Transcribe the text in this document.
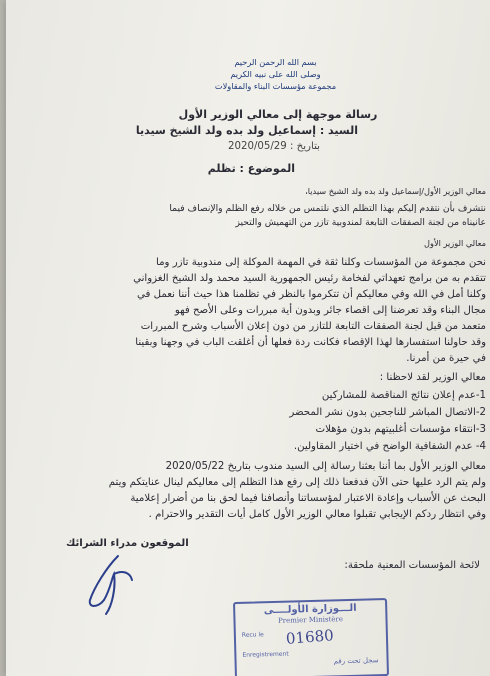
بسم الله الرحمن الرحيم
وصلى الله على نبيه الكريم
مجموعة مؤسسات البناء والمقاولات
رسالة موجهة إلى معالي الوزير الأول
السيد : إسماعيل ولد بده ولد الشيخ سيديا
بتاريخ : 2020/05/29
الموضوع : تظلم
معالي الوزير الأول/إسماعيل ولد بده ولد الشيخ سيديا،
نتشرف بأن نتقدم إليكم بهذا التظلم الذي نلتمس من خلاله رفع الظلم والإنصاف فيما
عانيناه من لجنة الصفقات التابعة لمندوبية تازر من التهميش والتحيز
معالي الوزير الأول
نحن مجموعة من المؤسسات وكلنا ثقة في المهمة الموكلة إلى مندوبية تازر وما
تتقدم به من برامج تعهداتي لفخامة رئيس الجمهورية السيد محمد ولد الشيخ الغزواني
وكلنا أمل في الله وفي معاليكم أن تتكرموا بالنظر في تظلمنا هذا حيث أننا نعمل في
مجال البناء وقد تعرضنا إلى اقصاء جائر وبدون أية مبررات وعلى الأصح فهو
متعمد من قبل لجنة الصفقات التابعة للتازر من دون إعلان الأسباب وشرح المبررات
وقد حاولنا استفسارها لهذا الإقصاء فكانت ردة فعلها أن أغلقت الباب في وجهنا وبقينا
في حيرة من أمرنا.
معالي الوزير لقد لاحظنا :
1-عدم إعلان نتائج المناقصة للمشاركين
2-الاتصال المباشر للناجحين بدون نشر المحضر
3-انتقاء مؤسسات أغلبيتهم بدون مؤهلات
4- عدم الشفافية الواضح في اختيار المقاولين.
معالي الوزير الأول بما أننا بعثنا رسالة إلى السيد مندوب بتاريخ 2020/05/22
ولم يتم الرد عليها حتى الآن فدفعنا ذلك إلى رفع هذا التظلم إلى معاليكم لينال عنايتكم ويتم
البحث عن الأسباب وإعادة الاعتبار لمؤسساتنا وأنصافنا فيما لحق بنا من أضرار إعلامية
وفي انتظار ردكم الإيجابي تقبلوا معالي الوزير الأول كامل أيات التقدير والاحترام .
الموقعون مدراء الشرائك
لائحة المؤسسات المعنية ملحقة:
الـــوزارة الأولــــى
Premier Ministère
Recu le 01680
Enregistrement
سجل تحت رقم
